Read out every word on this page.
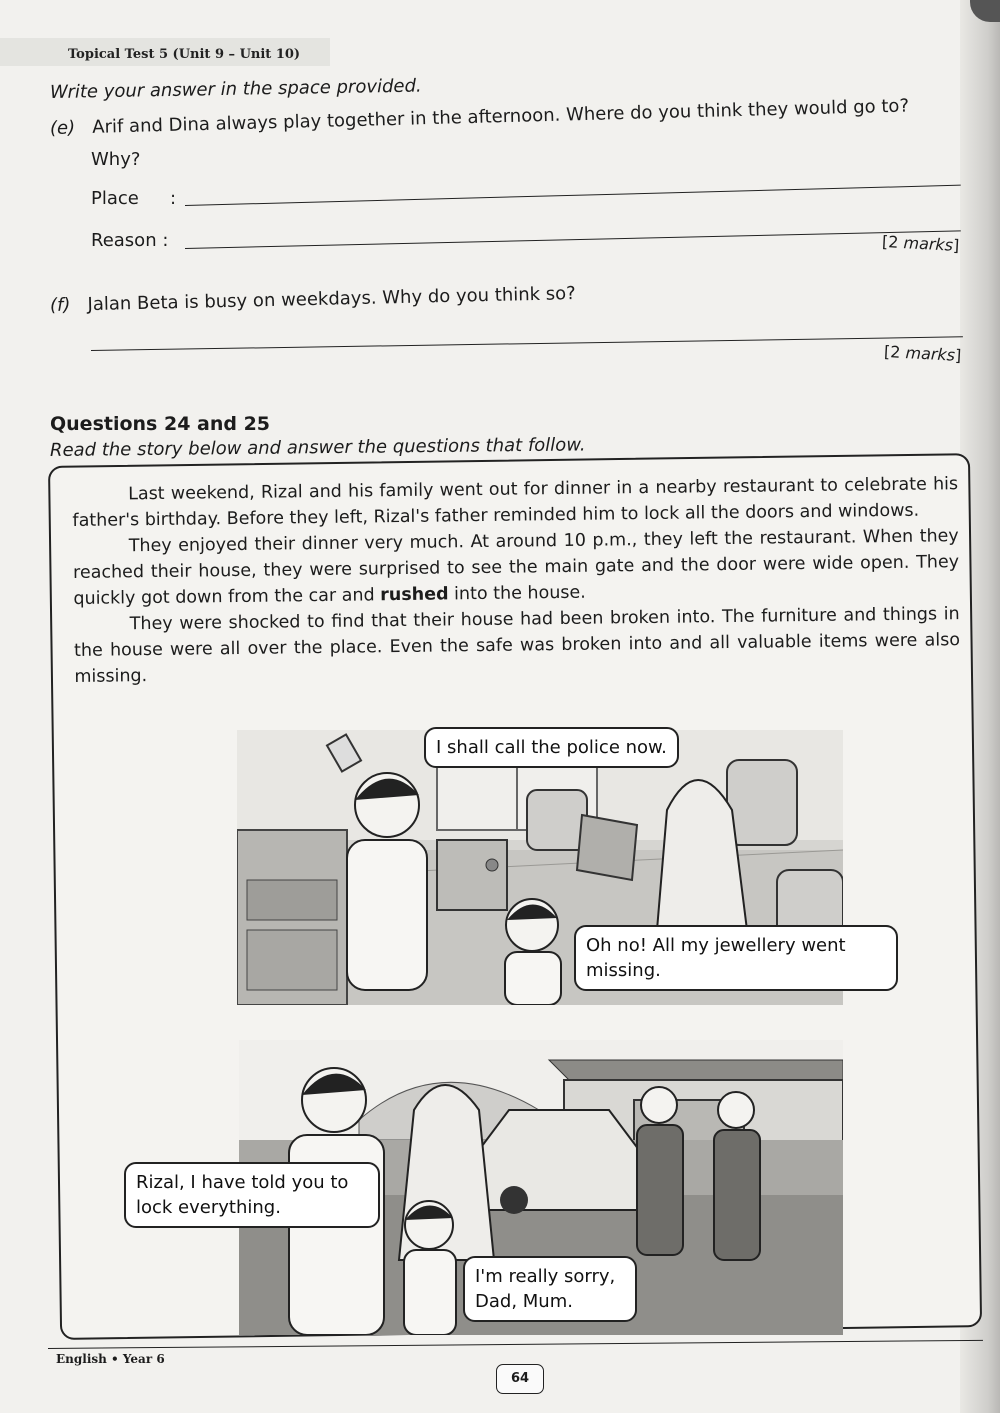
Topical Test 5 (Unit 9 – Unit 10)
Write your answer in the space provided.
(e) Arif and Dina always play together in the afternoon. Where do you think they would go to?
Why?
Place :
Reason :	[2 marks]
(f) Jalan Beta is busy on weekdays. Why do you think so?
[2 marks]
Questions 24 and 25
Read the story below and answer the questions that follow.

Last weekend, Rizal and his family went out for dinner in a nearby restaurant to celebrate his father's birthday. Before they left, Rizal's father reminded him to lock all the doors and windows.

They enjoyed their dinner very much. At around 10 p.m., they left the restaurant. When they reached their house, they were surprised to see the main gate and the door were wide open. They quickly got down from the car and rushed into the house.

They were shocked to find that their house had been broken into. The furniture and things in the house were all over the place. Even the safe was broken into and all valuable items were also missing.

I shall call the police now.
Oh no! All my jewellery went missing.
Rizal, I have told you to lock everything.
I'm really sorry, Dad, Mum.
English • Year 6
64
